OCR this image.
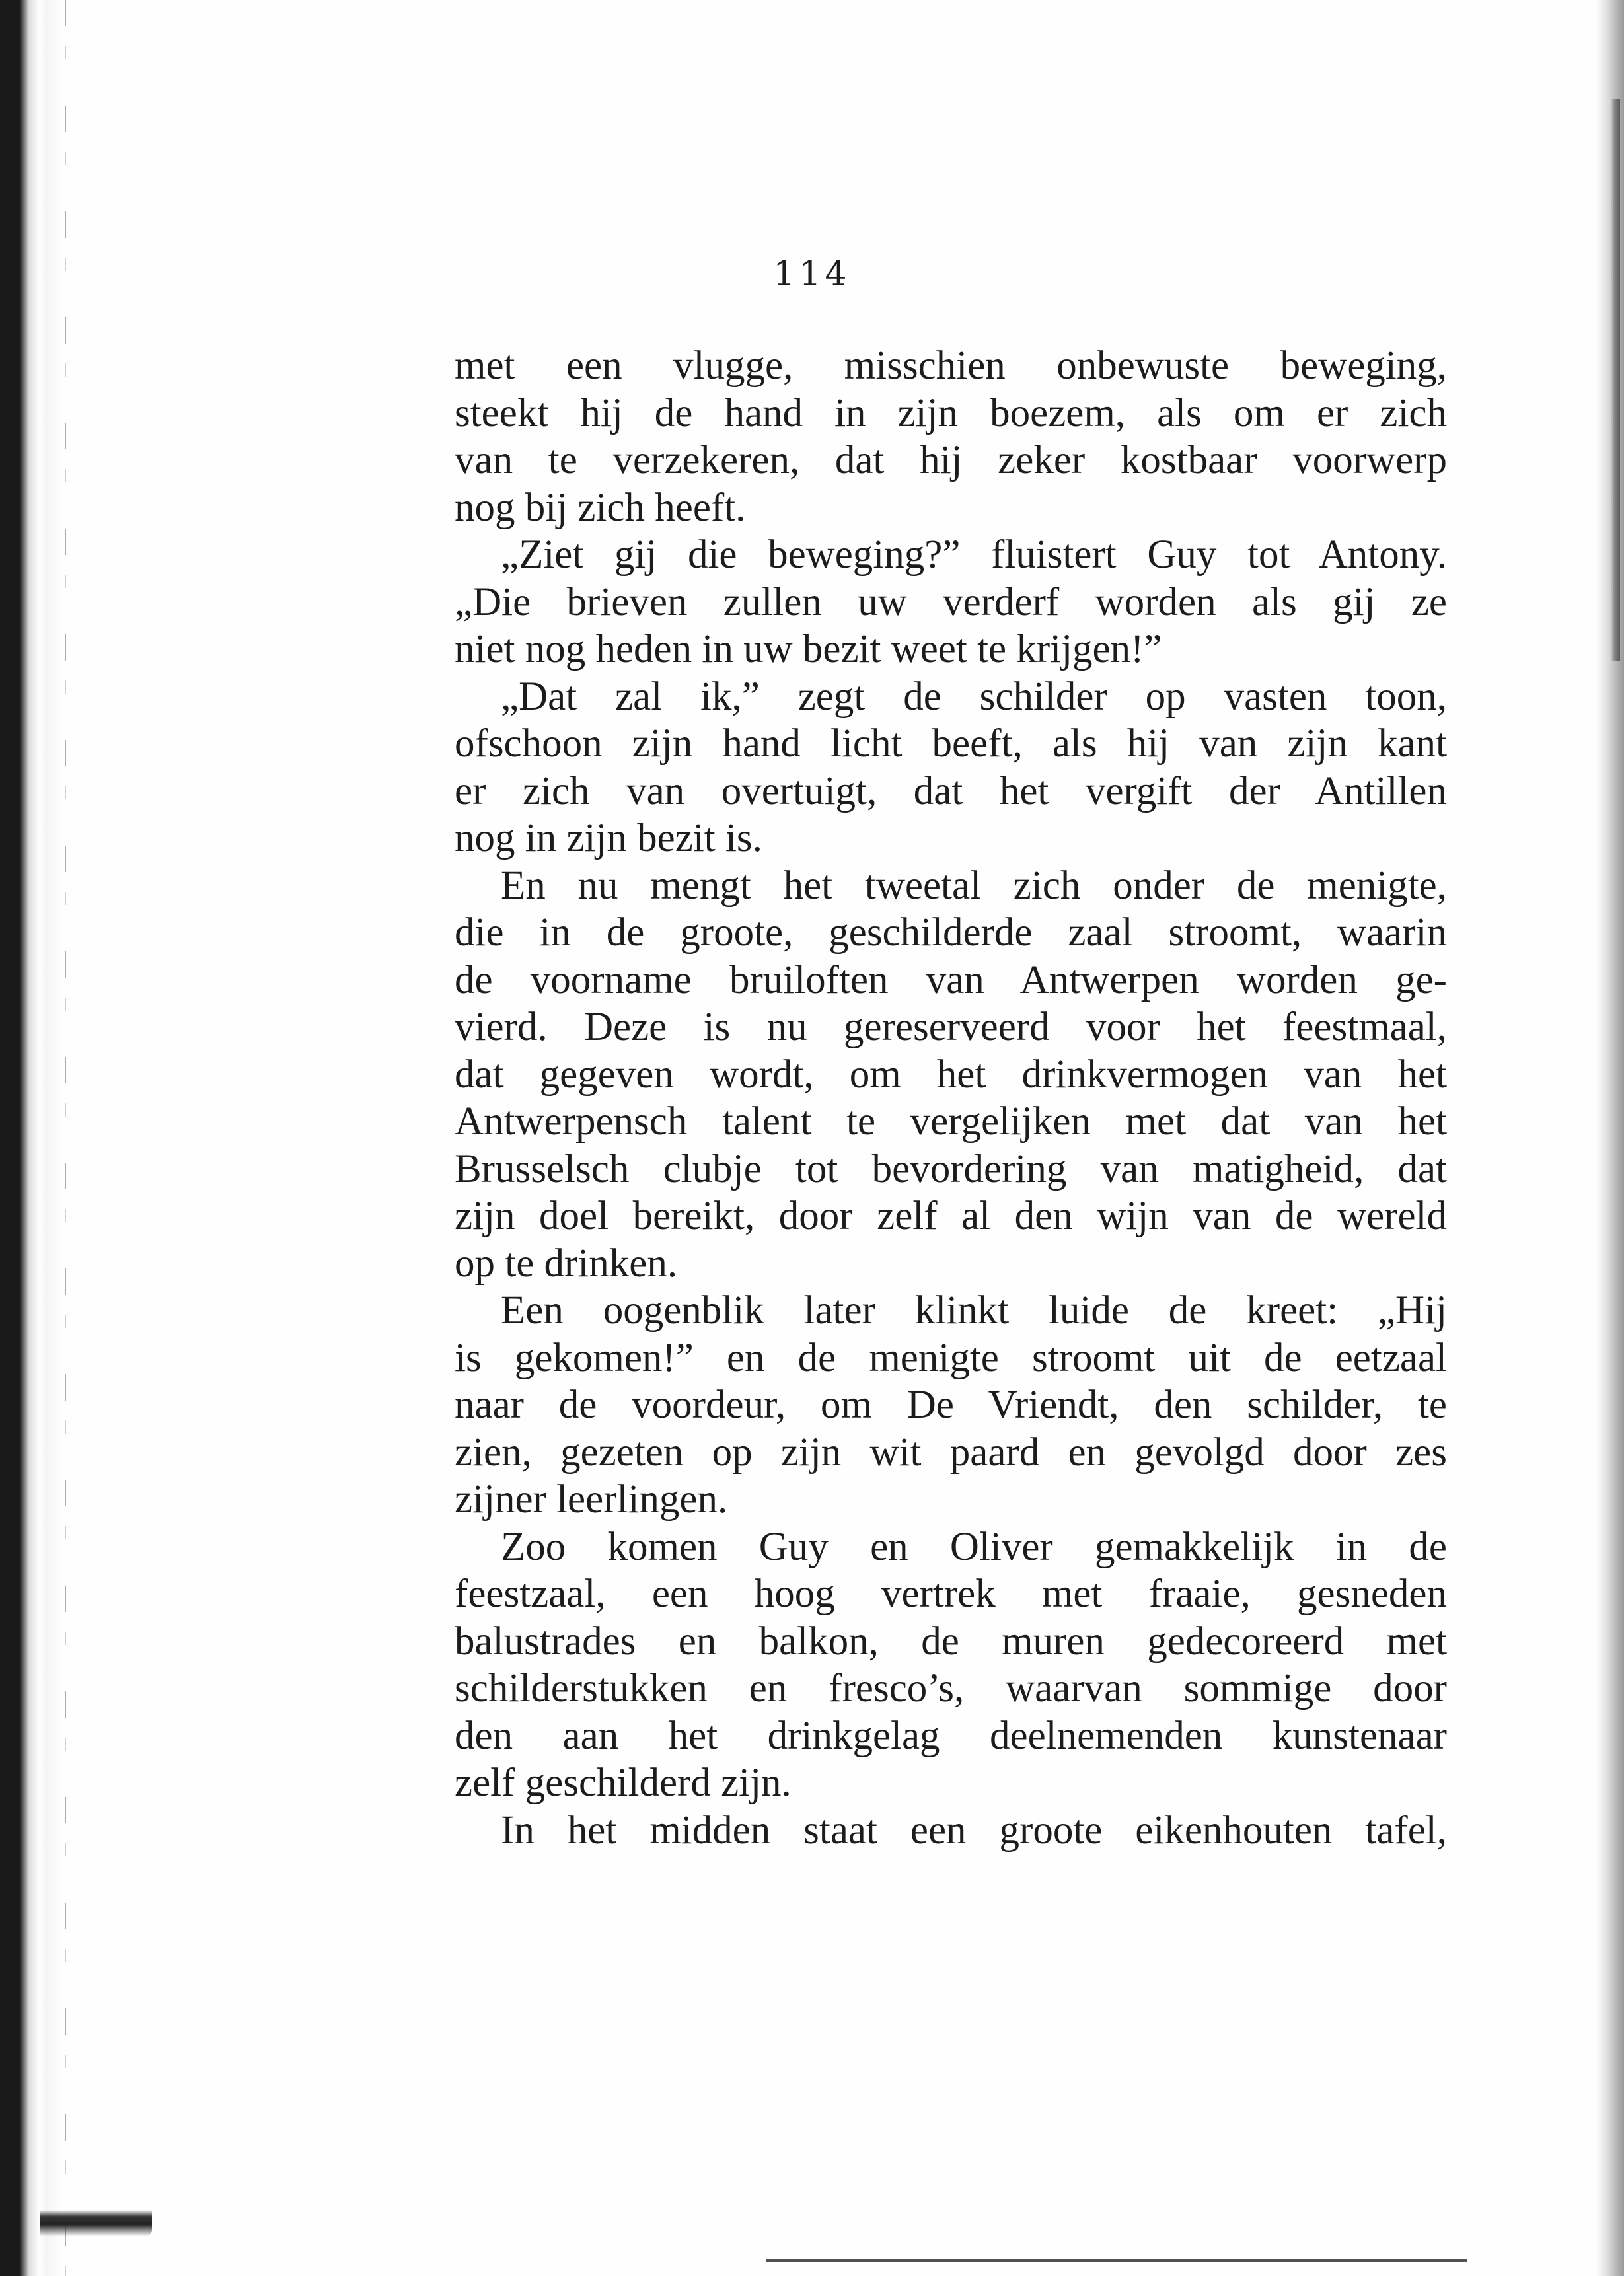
114

met een vlugge, misschien onbewuste beweging,
steekt hij de hand in zijn boezem, als om er zich
van te verzekeren, dat hij zeker kostbaar voorwerp
nog bij zich heeft.
„Ziet gij die beweging?” fluistert Guy tot Antony.
„Die brieven zullen uw verderf worden als gij ze
niet nog heden in uw bezit weet te krijgen!”
„Dat zal ik,” zegt de schilder op vasten toon,
ofschoon zijn hand licht beeft, als hij van zijn kant
er zich van overtuigt, dat het vergift der Antillen
nog in zijn bezit is.
En nu mengt het tweetal zich onder de menigte,
die in de groote, geschilderde zaal stroomt, waarin
de voorname bruiloften van Antwerpen worden ge-
vierd. Deze is nu gereserveerd voor het feestmaal,
dat gegeven wordt, om het drinkvermogen van het
Antwerpensch talent te vergelijken met dat van het
Brusselsch clubje tot bevordering van matigheid, dat
zijn doel bereikt, door zelf al den wijn van de wereld
op te drinken.
Een oogenblik later klinkt luide de kreet: „Hij
is gekomen!” en de menigte stroomt uit de eetzaal
naar de voordeur, om De Vriendt, den schilder, te
zien, gezeten op zijn wit paard en gevolgd door zes
zijner leerlingen.
Zoo komen Guy en Oliver gemakkelijk in de
feestzaal, een hoog vertrek met fraaie, gesneden
balustrades en balkon, de muren gedecoreerd met
schilderstukken en fresco’s, waarvan sommige door
den aan het drinkgelag deelnemenden kunstenaar
zelf geschilderd zijn.
In het midden staat een groote eikenhouten tafel,
